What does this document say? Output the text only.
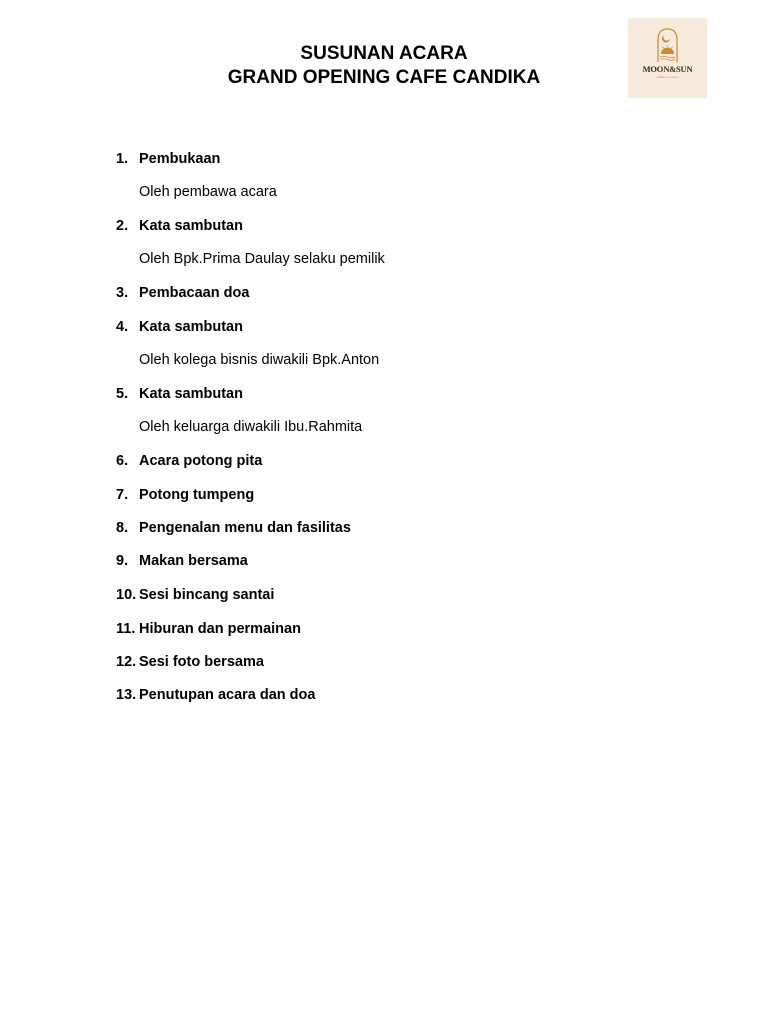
SUSUNAN ACARA
GRAND OPENING CAFE CANDIKA	MOON&SUN
coffee & eatery
1. Pembukaan
Oleh pembawa acara
2. Kata sambutan
Oleh Bpk.Prima Daulay selaku pemilik
3. Pembacaan doa
4. Kata sambutan
Oleh kolega bisnis diwakili Bpk.Anton
5. Kata sambutan
Oleh keluarga diwakili Ibu.Rahmita
6. Acara potong pita
7. Potong tumpeng
8. Pengenalan menu dan fasilitas
9. Makan bersama
10. Sesi bincang santai
11. Hiburan dan permainan
12. Sesi foto bersama
13. Penutupan acara dan doa
